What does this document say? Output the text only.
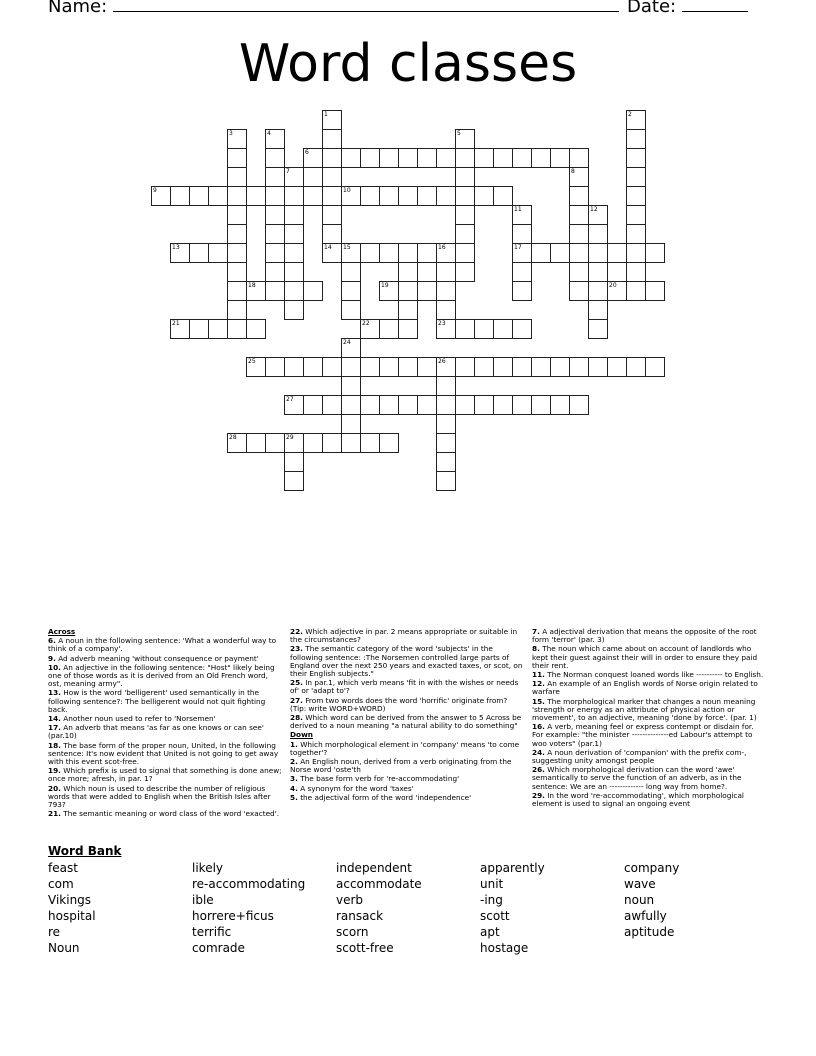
Name:	Date:
Word classes
1	2
3	4	5
6
7	8
9	10
11	12
13	14 15	16	17
18	19	20
21	22	23
24
25	26
27
28	29
Across

6. A noun in the following sentence: 'What a wonderful way to think of a company'.

9. Ad adverb meaning 'without consequence or payment'

10. An adjective in the following sentence: "Host" likely being one of those words as it is derived from an Old French word, ost, meaning army".

13. How is the word 'belligerent' used semantically in the following sentence?: The belligerent would not quit fighting back.

14. Another noun used to refer to 'Norsemen'

17. An adverb that means 'as far as one knows or can see' (par.10)

18. The base form of the proper noun, United, in the following sentence: It's now evident that United is not going to get away with this event scot-free.

19. Which prefix is used to signal that something is done anew; once more; afresh, in par. 1?

20. Which noun is used to describe the number of religious words that were added to English when the British Isles after 793?

21. The semantic meaning or word class of the word 'exacted'.

22. Which adjective in par. 2 means appropriate or suitable in the circumstances?

23. The semantic category of the word 'subjects' in the following sentence: :The Norsemen controlled large parts of England over the next 250 years and exacted taxes, or scot, on their English subjects."

25. In par.1, which verb means 'fit in with the wishes or needs of' or 'adapt to'?

27. From two words does the word 'horrific' originate from? (Tip: write WORD+WORD)

28. Which word can be derived from the answer to 5 Across be derived to a noun meaning "a natural ability to do something"

Down

1. Which morphological element in 'company' means 'to come together'?

2. An English noun, derived from a verb originating from the Norse word 'oste'th

3. The base form verb for 're-accommodating'

4. A synonym for the word 'taxes'

5. the adjectival form of the word 'independence'

7. A adjectival derivation that means the opposite of the root form 'terror' (par. 3)

8. The noun which came about on account of landlords who kept their guest against their will in order to ensure they paid their rent.

11. The Norman conquest loaned words like ---------- to English.

12. An example of an English words of Norse origin related to warfare

15. The morphological marker that changes a noun meaning 'strength or energy as an attribute of physical action or movement', to an adjective, meaning 'done by force'. (par. 1)

16. A verb, meaning feel or express contempt or disdain for. For example: "the minister --------------ed Labour's attempt to woo voters" (par.1)

24. A noun derivation of 'companion' with the prefix com-, suggesting unity amongst people

26. Which morphological derivation can the word 'awe' semantically to serve the function of an adverb, as in the sentence: We are an ------------- long way from home?.

29. In the word 're-accommodating', which morphological element is used to signal an ongoing event

Word Bank
feast
com
Vikings
hospital
re
Noun
likely
re-accommodating
ible
horrere+ficus
terrific
comrade
independent
accommodate
verb
ransack
scorn
scott-free
apparently
unit
-ing
scott
apt
hostage
company
wave
noun
awfully
aptitude
